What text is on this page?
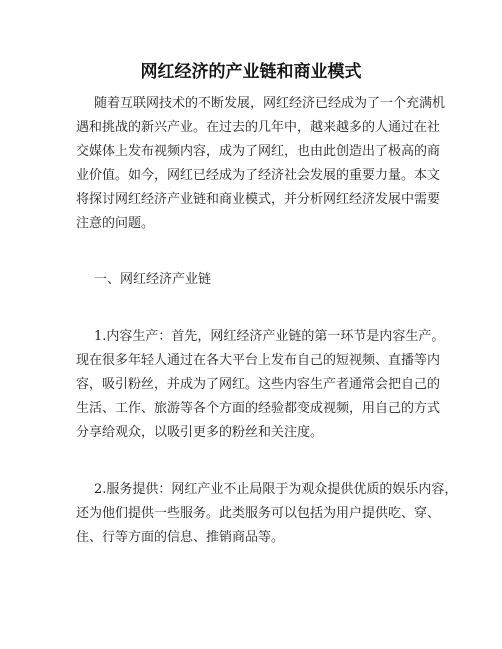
网红经济的产业链和商业模式
随着互联网技术的不断发展，网红经济已经成为了一个充满机
遇和挑战的新兴产业。在过去的几年中，越来越多的人通过在社
交媒体上发布视频内容，成为了网红，也由此创造出了极高的商
业价值。如今，网红已经成为了经济社会发展的重要力量。本文
将探讨网红经济产业链和商业模式，并分析网红经济发展中需要
注意的问题。
一、网红经济产业链
1.内容生产：首先，网红经济产业链的第一环节是内容生产。
现在很多年轻人通过在各大平台上发布自己的短视频、直播等内
容，吸引粉丝，并成为了网红。这些内容生产者通常会把自己的
生活、工作、旅游等各个方面的经验都变成视频，用自己的方式
分享给观众，以吸引更多的粉丝和关注度。
2.服务提供：网红产业不止局限于为观众提供优质的娱乐内容，
还为他们提供一些服务。此类服务可以包括为用户提供吃、穿、
住、行等方面的信息、推销商品等。
